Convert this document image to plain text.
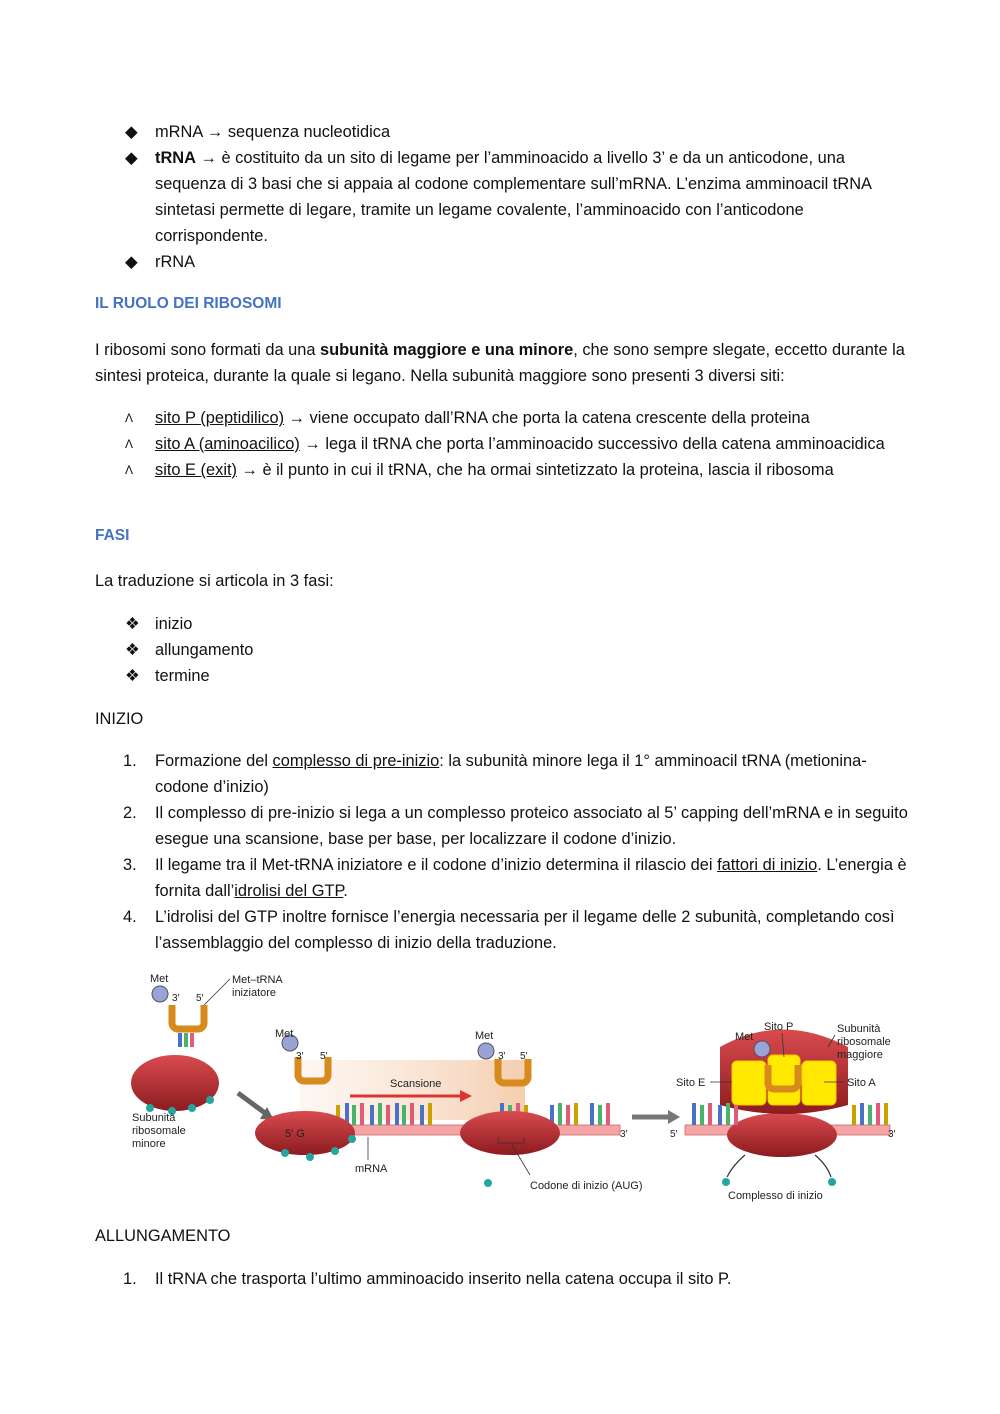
◆	mRNA → sequenza nucleotidica
◆	tRNA → è costituito da un sito di legame per l’amminoacido a livello 3’ e da un anticodone, una sequenza di 3 basi che si appaia al codone complementare sull’mRNA. L’enzima amminoacil tRNA sintetasi permette di legare, tramite un legame covalente, l’amminoacido con l’anticodone corrispondente.
◆	rRNA
IL RUOLO DEI RIBOSOMI
I ribosomi sono formati da una subunità maggiore e una minore, che sono sempre slegate, eccetto durante la sintesi proteica, durante la quale si legano. Nella subunità maggiore sono presenti 3 diversi siti:
Λ	sito P (peptidilico) → viene occupato dall’RNA che porta la catena crescente della proteina
Λ	sito A (aminoacilico) → lega il tRNA che porta l’amminoacido successivo della catena amminoacidica
Λ	sito E (exit) → è il punto in cui il tRNA, che ha ormai sintetizzato la proteina, lascia il ribosoma
FASI
La traduzione si articola in 3 fasi:
❖ inizio
❖ allungamento
❖ termine
INIZIO
1.	Formazione del complesso di pre-inizio: la subunità minore lega il 1° amminoacil tRNA (metionina-codone d’inizio)
2.	Il complesso di pre-inizio si lega a un complesso proteico associato al 5’ capping dell’mRNA e in seguito esegue una scansione, base per base, per localizzare il codone d’inizio.
3.	Il legame tra il Met-tRNA iniziatore e il codone d’inizio determina il rilascio dei fattori di inizio. L’energia è fornita dall’idrolisi del GTP.
4.	L’idrolisi del GTP inoltre fornisce l’energia necessaria per il legame delle 2 subunità, completando così l’assemblaggio del complesso di inizio della traduzione.
Met
3′ 5′
Met–tRNA
iniziatore
Subunità
ribosomale
minore
Scansione
Met
3′ 5′
Met
3′ 5′
5′ G	3′
mRNA
Codone di inizio (AUG)
Met
Sito P
Sito E	Sito A
Subunità
ribosomale
maggiore
5′	3′
Complesso di inizio
ALLUNGAMENTO
1.	Il tRNA che trasporta l’ultimo amminoacido inserito nella catena occupa il sito P.
